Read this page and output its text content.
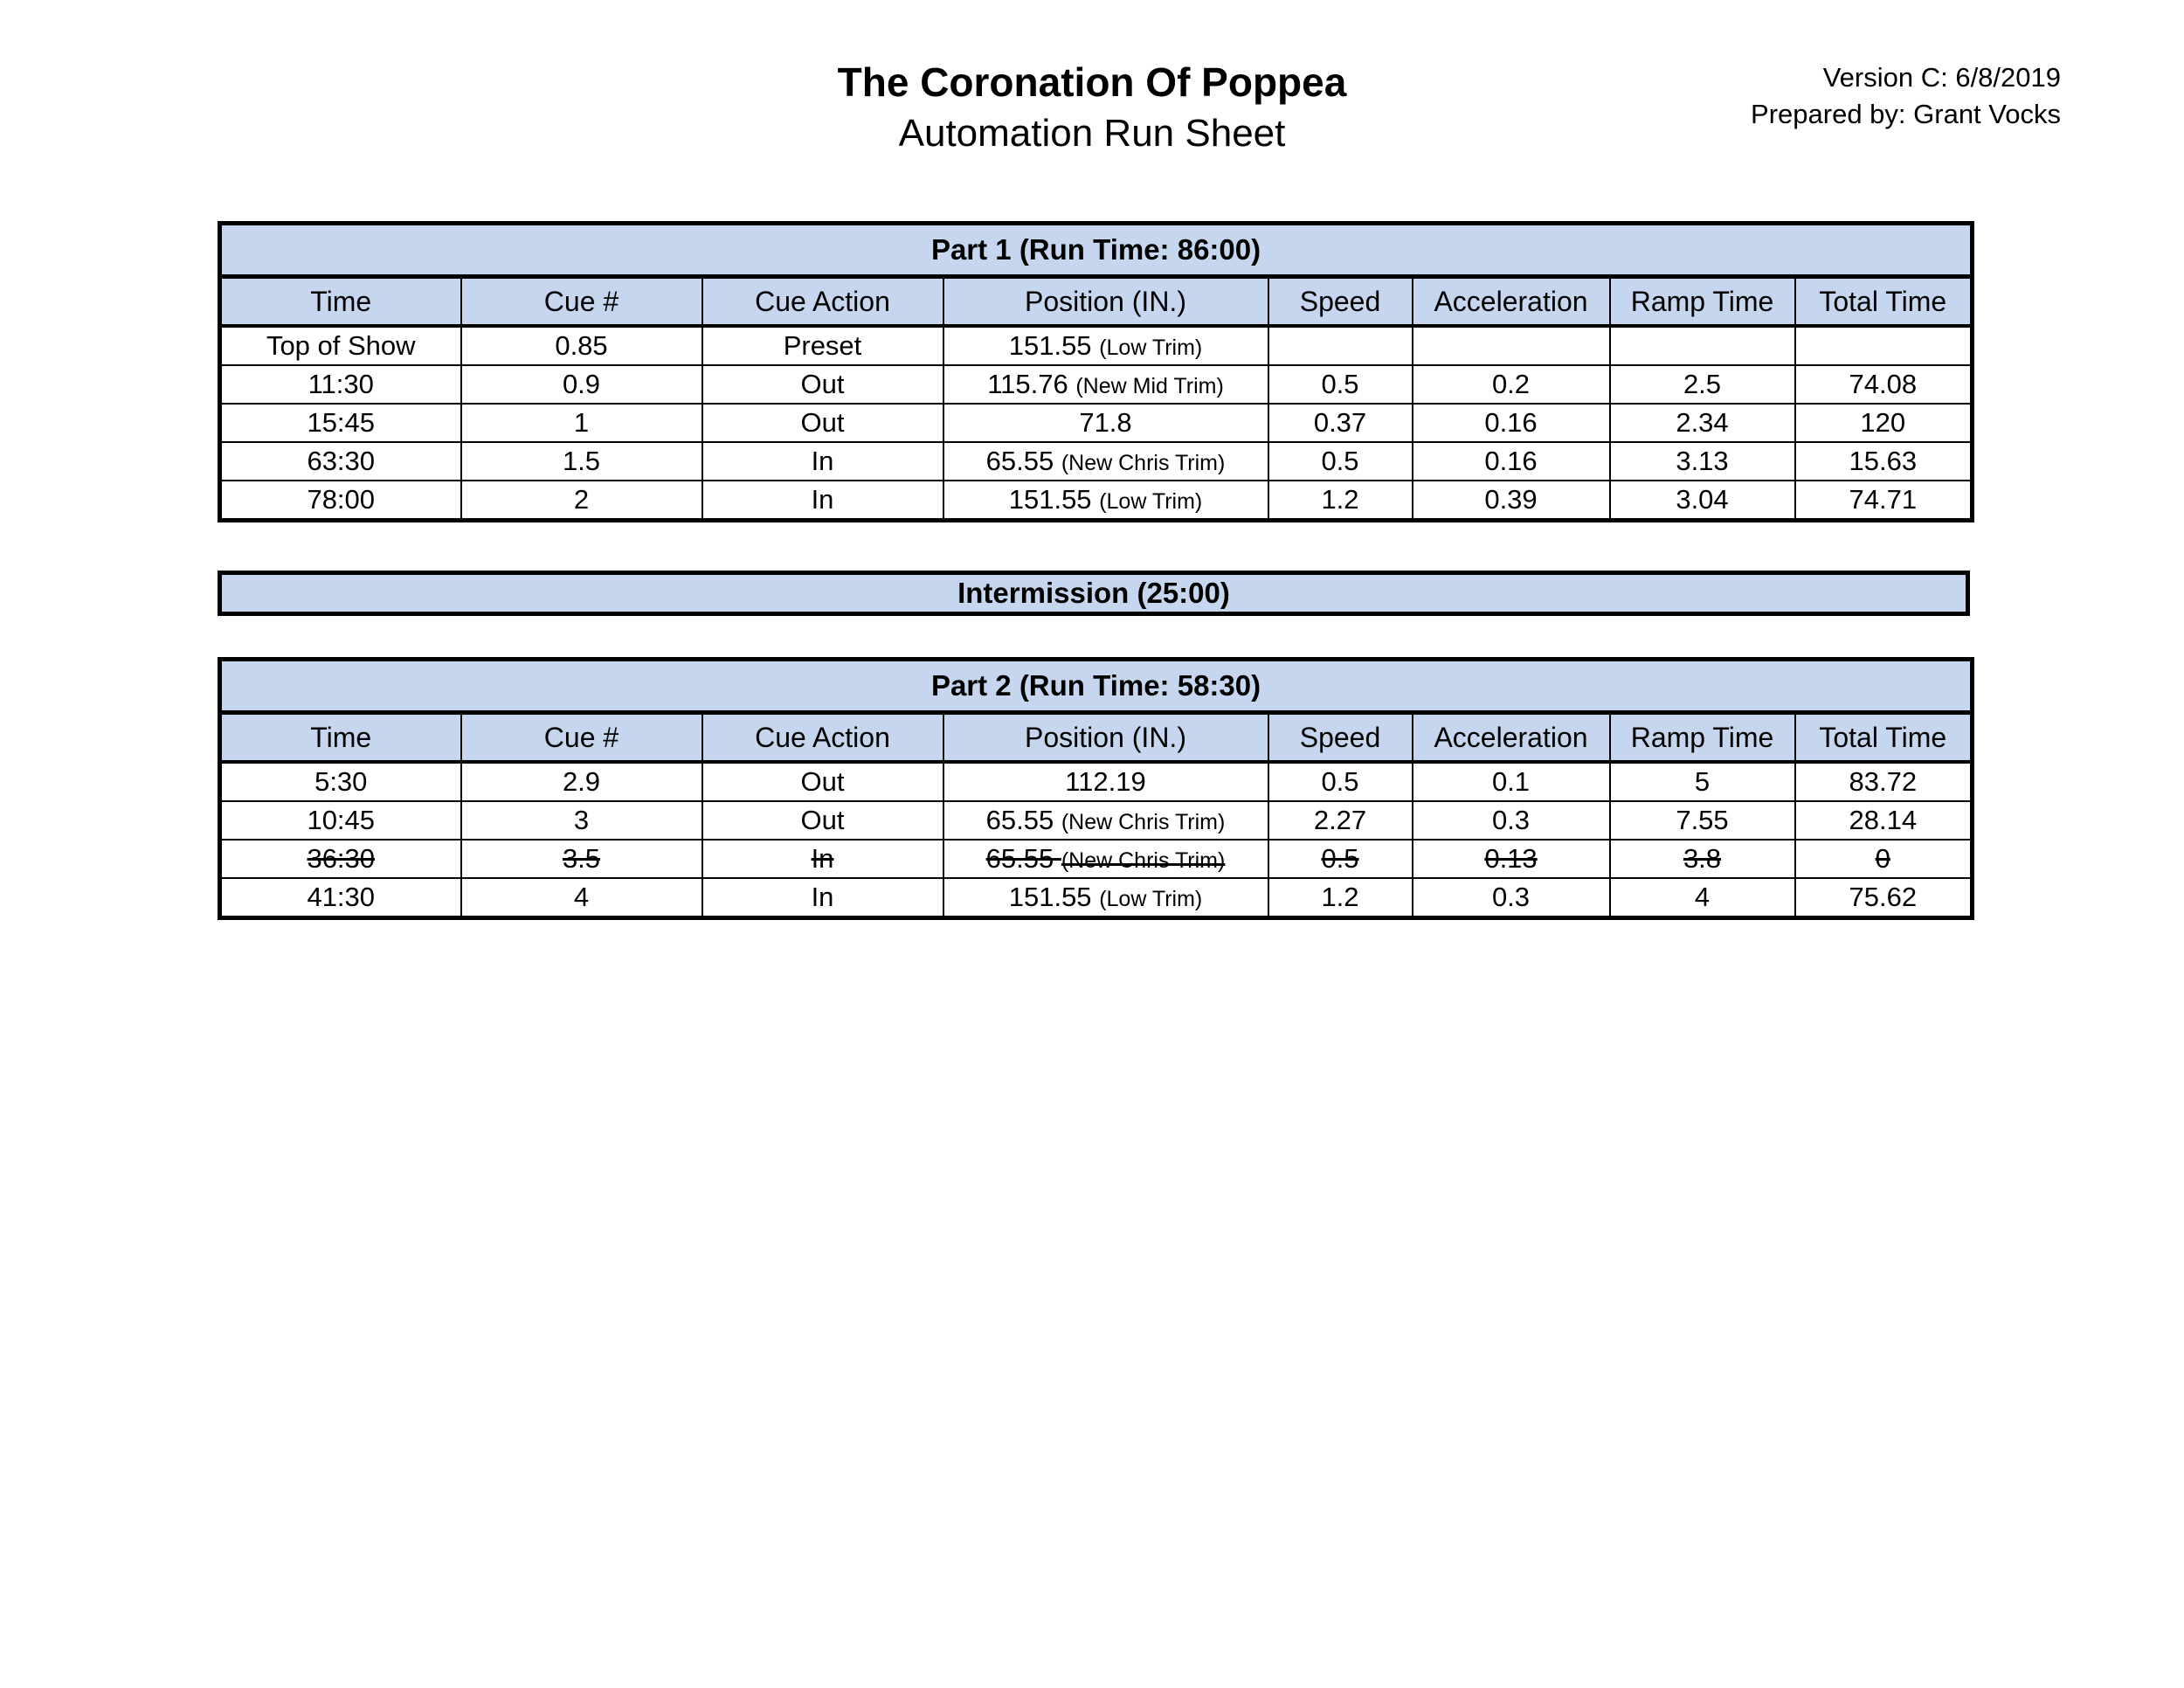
The Coronation Of Poppea
Automation Run Sheet
Version C: 6/8/2019
Prepared by: Grant Vocks
Part 1 (Run Time: 86:00)							
Time	Cue #	Cue Action	Position (IN.)	Speed	Acceleration	Ramp Time	Total Time
Top of Show	0.85	Preset	151.55 (Low Trim)				
11:30	0.9	Out	115.76 (New Mid Trim)	0.5	0.2	2.5	74.08
15:45	1	Out	71.8	0.37	0.16	2.34	120
63:30	1.5	In	65.55 (New Chris Trim)	0.5	0.16	3.13	15.63
78:00	2	In	151.55 (Low Trim)	1.2	0.39	3.04	74.71
Intermission (25:00)
Part 2 (Run Time: 58:30)							
Time	Cue #	Cue Action	Position (IN.)	Speed	Acceleration	Ramp Time	Total Time
5:30	2.9	Out	112.19	0.5	0.1	5	83.72
10:45	3	Out	65.55 (New Chris Trim)	2.27	0.3	7.55	28.14
36:30	3.5	In	65.55 (New Chris Trim)	0.5	0.13	3.8	0
41:30	4	In	151.55 (Low Trim)	1.2	0.3	4	75.62
